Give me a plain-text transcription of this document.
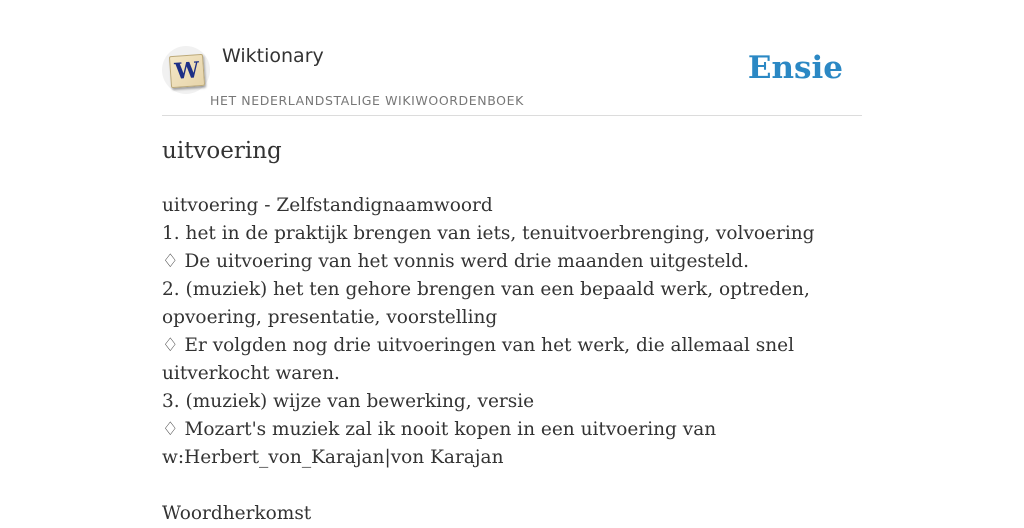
W
Wiktionary
HET NEDERLANDSTALIGE WIKIWOORDENBOEK
Ensie
uitvoering

uitvoering - Zelfstandignaamwoord

1. het in de praktijk brengen van iets, tenuitvoerbrenging, volvoering

♢ De uitvoering van het vonnis werd drie maanden uitgesteld.

2. (muziek) het ten gehore brengen van een bepaald werk, optreden, opvoering, presentatie, voorstelling

♢ Er volgden nog drie uitvoeringen van het werk, die allemaal snel uitverkocht waren.

3. (muziek) wijze van bewerking, versie

♢ Mozart's muziek zal ik nooit kopen in een uitvoering van w:Herbert_von_Karajan|von Karajan

Woordherkomst
